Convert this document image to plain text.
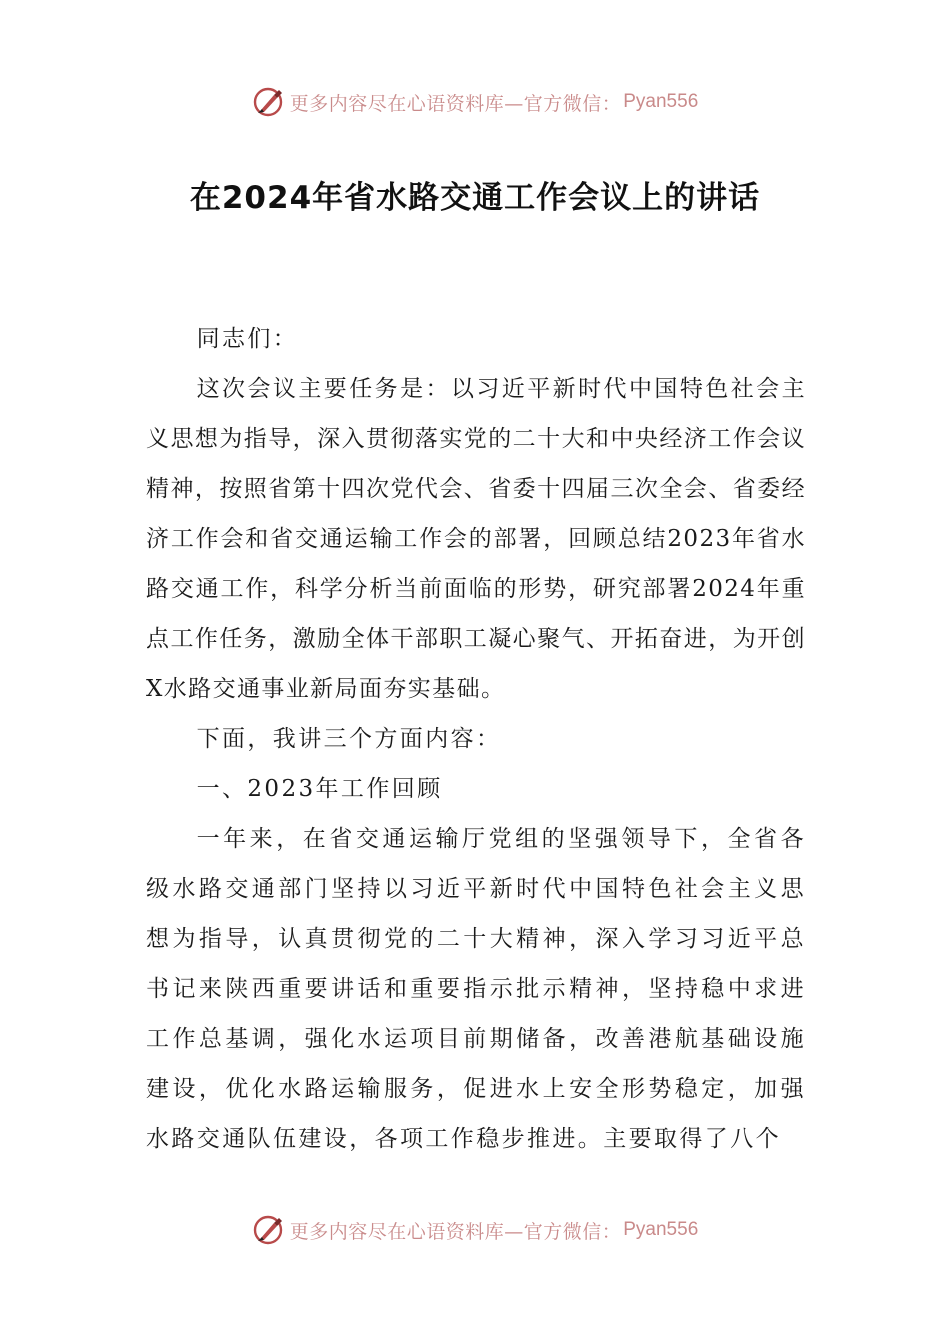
更多内容尽在心语资料库—官方微信： Pyan556
在2024年省水路交通工作会议上的讲话

同志们：

这次会议主要任务是：以习近平新时代中国特色社会主义思想为指导，深入贯彻落实党的二十大和中央经济工作会议精神，按照省第十四次党代会、省委十四届三次全会、省委经济工作会和省交通运输工作会的部署，回顾总结2023年省水路交通工作，科学分析当前面临的形势，研究部署2024年重点工作任务，激励全体干部职工凝心聚气、开拓奋进，为开创X水路交通事业新局面夯实基础。

下面，我讲三个方面内容：

一、2023年工作回顾

一年来，在省交通运输厅党组的坚强领导下，全省各级水路交通部门坚持以习近平新时代中国特色社会主义思想为指导，认真贯彻党的二十大精神，深入学习习近平总书记来陕西重要讲话和重要指示批示精神，坚持稳中求进工作总基调，强化水运项目前期储备，改善港航基础设施建设，优化水路运输服务，促进水上安全形势稳定，加强水路交通队伍建设，各项工作稳步推进。主要取得了八个

更多内容尽在心语资料库—官方微信： Pyan556
